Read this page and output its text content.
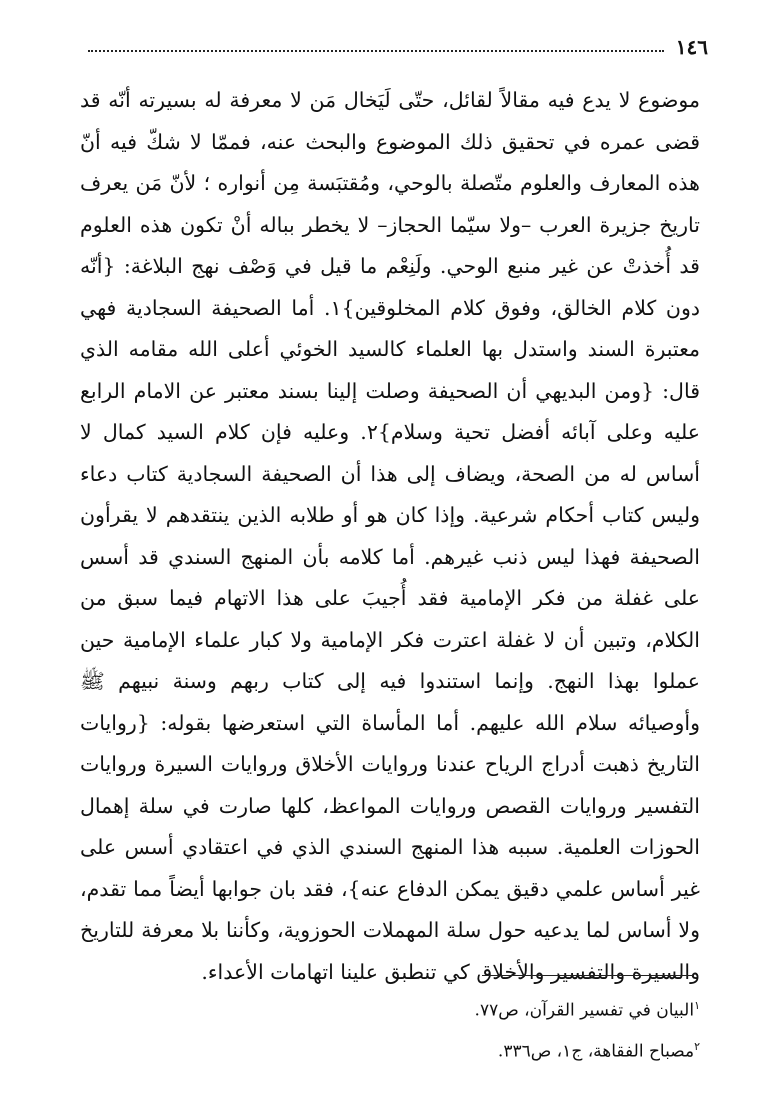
١٤٦

موضوع لا يدع فيه مقالاً لقائل، حتّى لَيَخال مَن لا معرفة له بسيرته أنّه قد قضى عمره في تحقيق ذلك الموضوع والبحث عنه، فممّا لا شكّ فيه أنّ هذه المعارف والعلوم متّصلة بالوحي، ومُقتبَسة مِن أنواره ؛ لأنّ مَن يعرف تاريخ جزيرة العرب –ولا سيّما الحجاز– لا يخطر بباله أنْ تكون هذه العلوم قد أُخذتْ عن غير منبع الوحي. ولَنِعْم ما قيل في وَصْف نهج البلاغة: {أنّه دون كلام الخالق، وفوق كلام المخلوقين}١. أما الصحيفة السجادية فهي معتبرة السند واستدل بها العلماء كالسيد الخوئي أعلى الله مقامه الذي قال: {ومن البديهي أن الصحيفة وصلت إلينا بسند معتبر عن الامام الرابع عليه وعلى آبائه أفضل تحية وسلام}٢. وعليه فإن كلام السيد كمال لا أساس له من الصحة، ويضاف إلى هذا أن الصحيفة السجادية كتاب دعاء وليس كتاب أحكام شرعية. وإذا كان هو أو طلابه الذين ينتقدهم لا يقرأون الصحيفة فهذا ليس ذنب غيرهم. أما كلامه بأن المنهج السندي قد أسس على غفلة من فكر الإمامية فقد أُجيبَ على هذا الاتهام فيما سبق من الكلام، وتبين أن لا غفلة اعترت فكر الإمامية ولا كبار علماء الإمامية حين عملوا بهذا النهج. وإنما استندوا فيه إلى كتاب ربهم وسنة نبيهم ﷺ وأوصيائه سلام الله عليهم. أما المأساة التي استعرضها بقوله: {روايات التاريخ ذهبت أدراج الرياح عندنا وروايات الأخلاق وروايات السيرة وروايات التفسير وروايات القصص وروايات المواعظ، كلها صارت في سلة إهمال الحوزات العلمية. سببه هذا المنهج السندي الذي في اعتقادي أسس على غير أساس علمي دقيق يمكن الدفاع عنه}، فقد بان جوابها أيضاً مما تقدم، ولا أساس لما يدعيه حول سلة المهملات الحوزوية، وكأننا بلا معرفة للتاريخ والسيرة والتفسير والأخلاق كي تنطبق علينا اتهامات الأعداء.

$^١$البيان في تفسير القرآن، ص٧٧.
$^٢$مصباح الفقاهة، ج١، ص٣٣٦.
